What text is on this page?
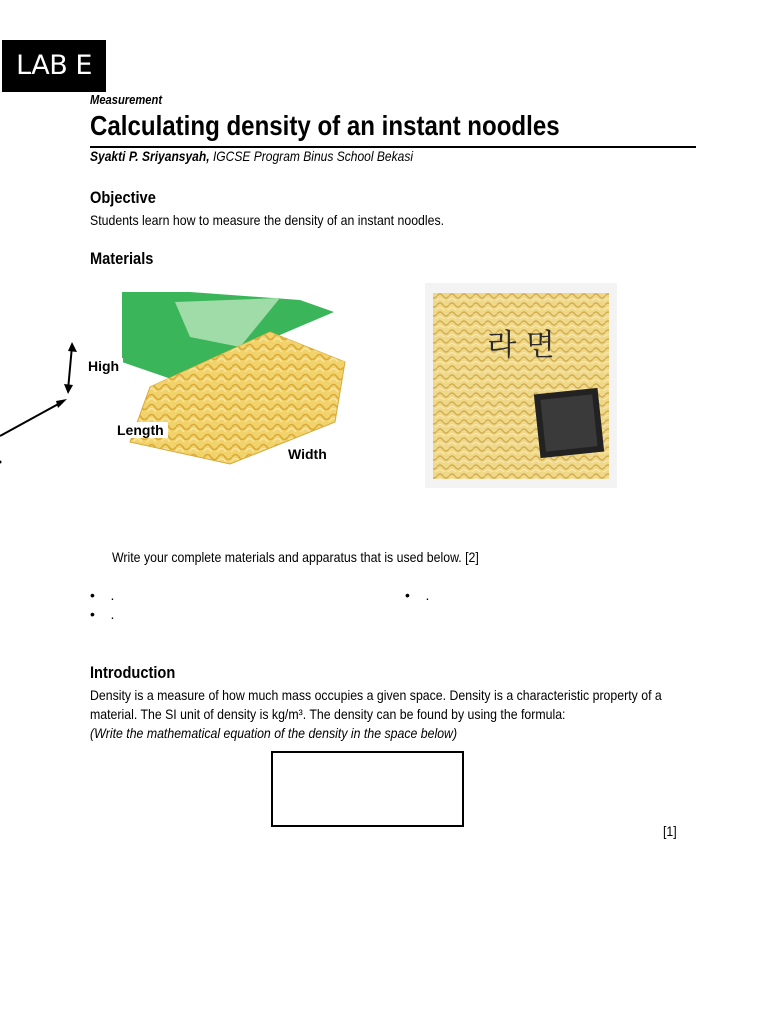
LAB E
Measurement
Calculating density of an instant noodles
Syakti P. Sriyansyah, IGCSE Program Binus School Bekasi
Objective
Students learn how to measure the density of an instant noodles.
Materials
라 면
High
Length
Width
Write your complete materials and apparatus that is used below. [2]
•    .
•    .
•    .
Introduction
Density is a measure of how much mass occupies a given space. Density is a characteristic property of a
material. The SI unit of density is kg/m³. The density can be found by using the formula:
(Write the mathematical equation of the density in the space below)
[1]
